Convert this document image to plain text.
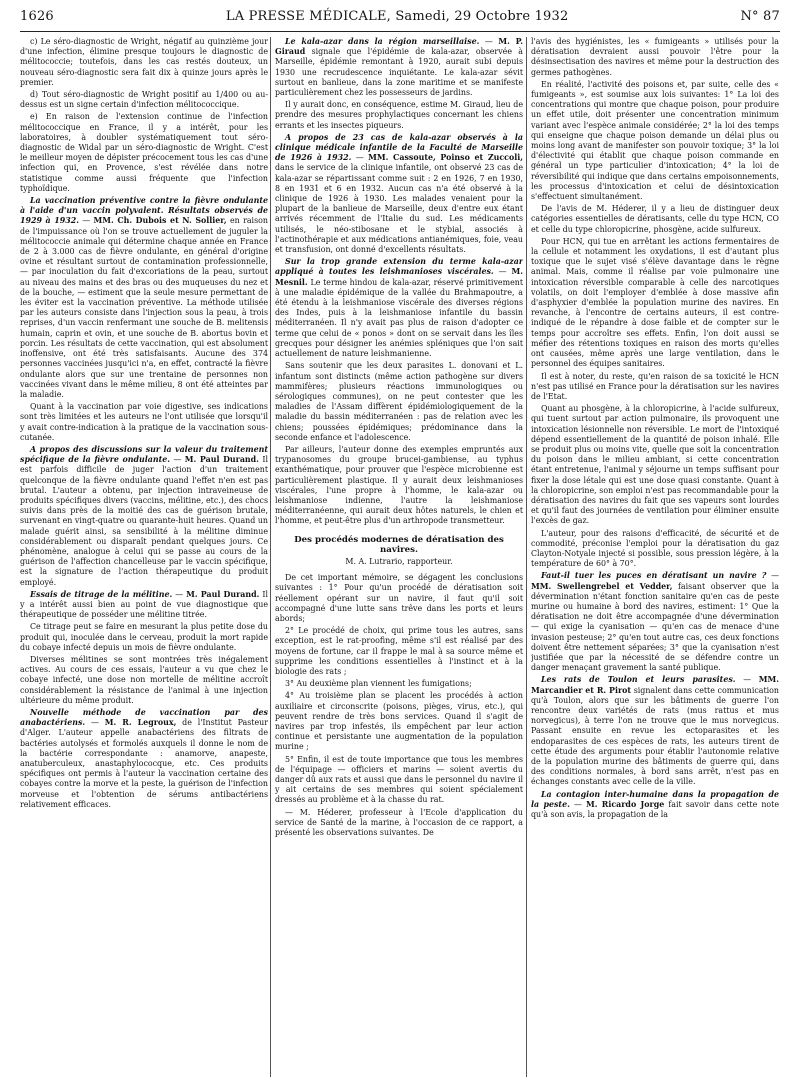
1626	LA PRESSE MÉDICALE, Samedi, 29 Octobre 1932	N° 87

c) Le séro-diagnostic de Wright, négatif au quinzième jour d'une infection, élimine presque toujours le diagnostic de mélitococcie; toutefois, dans les cas restés douteux, un nouveau séro-diagnostic sera fait dix à quinze jours après le premier.

d) Tout séro-diagnostic de Wright positif au 1/400 ou au-dessus est un signe certain d'infection mélitococcique.

e) En raison de l'extension continue de l'infection mélitococcique en France, il y a intérêt, pour les laboratoires, à doubler systématiquement tout séro-diagnostic de Widal par un séro-diagnostic de Wright. C'est le meilleur moyen de dépister précocement tous les cas d'une infection qui, en Provence, s'est révélée dans notre statistique comme aussi fréquente que l'infection typhoïdique.

La vaccination préventive contre la fièvre ondulante à l'aide d'un vaccin polyvalent. Résultats observés de 1929 à 1932. — MM. Ch. Dubois et N. Sollier, en raison de l'impuissance où l'on se trouve actuellement de juguler la mélitococcie animale qui détermine chaque année en France de 2 à 3.000 cas de fièvre ondulante, en général d'origine ovine et résultant surtout de contamination professionnelle, — par inoculation du fait d'excoriations de la peau, surtout au niveau des mains et des bras ou des muqueuses du nez et de la bouche, — estiment que la seule mesure permettant de les éviter est la vaccination préventive. La méthode utilisée par les auteurs consiste dans l'injection sous la peau, à trois reprises, d'un vaccin renfermant une souche de B. melitensis humain, caprin et ovin, et une souche de B. abortus bovin et porcin. Les résultats de cette vaccination, qui est absolument inoffensive, ont été très satisfaisants. Aucune des 374 personnes vaccinées jusqu'ici n'a, en effet, contracté la fièvre ondulante alors que sur une trentaine de personnes non vaccinées vivant dans le même milieu, 8 ont été atteintes par la maladie.

Quant à la vaccination par voie digestive, ses indications sont très limitées et les auteurs ne l'ont utilisée que lorsqu'il y avait contre-indication à la pratique de la vaccination sous-cutanée.

A propos des discussions sur la valeur du traitement spécifique de la fièvre ondulante. — M. Paul Durand. Il est parfois difficile de juger l'action d'un traitement quelconque de la fièvre ondulante quand l'effet n'en est pas brutal. L'auteur a obtenu, par injection intraveineuse de produits spécifiques divers (vaccins, mélitine, etc.), des chocs suivis dans près de la moitié des cas de guérison brutale, survenant en vingt-quatre ou quarante-huit heures. Quand un malade guérit ainsi, sa sensibilité à la mélitine diminue considérablement ou disparaît pendant quelques jours. Ce phénomène, analogue à celui qui se passe au cours de la guérison de l'affection chancelleuse par le vaccin spécifique, est la signature de l'action thérapeutique du produit employé.

Essais de titrage de la mélitine. — M. Paul Durand. Il y a intérêt aussi bien au point de vue diagnostique que thérapeutique de posséder une mélitine titrée.

Ce titrage peut se faire en mesurant la plus petite dose du produit qui, inoculée dans le cerveau, produit la mort rapide du cobaye infecté depuis un mois de fièvre ondulante.

Diverses mélitines se sont montrées très inégalement actives. Au cours de ces essais, l'auteur a vu que chez le cobaye infecté, une dose non mortelle de mélitine accroît considérablement la résistance de l'animal à une injection ultérieure du même produit.

Nouvelle méthode de vaccination par des anabactériens. — M. R. Legroux, de l'Institut Pasteur d'Alger. L'auteur appelle anabactériens des filtrats de bactéries autolysés et formolés auxquels il donne le nom de la bactérie correspondante : anamorve, anapeste, anatuberculeux, anastaphylococque, etc. Ces produits spécifiques ont permis à l'auteur la vaccination certaine des cobayes contre la morve et la peste, la guérison de l'infection morveuse et l'obtention de sérums antibactériens relativement efficaces.

Le kala-azar dans la région marseillaise. — M. P. Giraud signale que l'épidémie de kala-azar, observée à Marseille, épidémie remontant à 1920, aurait subi depuis 1930 une recrudescence inquiétante. Le kala-azar sévit surtout en banlieue, dans la zone maritime et se manifeste particulièrement chez les possesseurs de jardins.

Il y aurait donc, en conséquence, estime M. Giraud, lieu de prendre des mesures prophylactiques concernant les chiens errants et les insectes piqueurs.

A propos de 23 cas de kala-azar observés à la clinique médicale infantile de la Faculté de Marseille de 1926 à 1932. — MM. Cassoute, Poinso et Zuccoli, dans le service de la clinique infantile, ont observé 23 cas de kala-azar se répartissant comme suit : 2 en 1926, 7 en 1930, 8 en 1931 et 6 en 1932. Aucun cas n'a été observé à la clinique de 1926 à 1930. Les malades venaient pour la plupart de la banlieue de Marseille, deux d'entre eux étant arrivés récemment de l'Italie du sud. Les médicaments utilisés, le néo-stibosane et le stybial, associés à l'actinothérapie et aux médications antianémiques, foie, veau et transfusion, ont donné d'excellents résultats.

Sur la trop grande extension du terme kala-azar appliqué à toutes les leishmanioses viscérales. — M. Mesnil. Le terme hindou de kala-azar, réservé primitivement à une maladie épidémique de la vallée du Brahmapoutre, a été étendu à la leishmaniose viscérale des diverses régions des Indes, puis à la leishmaniose infantile du bassin méditerranéen. Il n'y avait pas plus de raison d'adopter ce terme que celui de « ponos » dont on se servait dans les îles grecques pour désigner les anémies spléniques que l'on sait actuellement de nature leishmanienne.

Sans soutenir que les deux parasites L. donovani et L. infantum sont distincts (même action pathogène sur divers mammifères; plusieurs réactions immunologiques ou sérologiques communes), on ne peut contester que les maladies de l'Assam diffèrent épidémiologiquement de la maladie du bassin méditerranéen : pas de relation avec les chiens; poussées épidémiques; prédominance dans la seconde enfance et l'adolescence.

Par ailleurs, l'auteur donne des exemples empruntés aux trypanosomes du groupe brucei-gambiense, au typhus exanthématique, pour prouver que l'espèce microbienne est particulièrement plastique. Il y aurait deux leishmanioses viscérales, l'une propre à l'homme, le kala-azar ou leishmaniose indienne, l'autre la leishmaniose méditerranéenne, qui aurait deux hôtes naturels, le chien et l'homme, et peut-être plus d'un arthropode transmetteur.

Des procédés modernes de dératisation des navires.

M. A. Lutrario, rapporteur.

De cet important mémoire, se dégagent les conclusions suivantes : 1° Pour qu'un procédé de dératisation soit réellement opérant sur un navire, il faut qu'il soit accompagné d'une lutte sans trêve dans les ports et leurs abords;

2° Le procédé de choix, qui prime tous les autres, sans exception, est le rat-proofing, même s'il est réalisé par des moyens de fortune, car il frappe le mal à sa source même et supprime les conditions essentielles à l'instinct et à la biologie des rats ;

3° Au deuxième plan viennent les fumigations;

4° Au troisième plan se placent les procédés à action auxiliaire et circonscrite (poisons, pièges, virus, etc.), qui peuvent rendre de très bons services. Quand il s'agit de navires par trop infestés, ils empêchent par leur action continue et persistante une augmentation de la population murine ;

5° Enfin, il est de toute importance que tous les membres de l'équipage — officiers et marins — soient avertis du danger dû aux rats et aussi que dans le personnel du navire il y ait certains de ses membres qui soient spécialement dressés au problème et à la chasse du rat.

— M. Héderer, professeur à l'Ecole d'application du service de Santé de la marine, à l'occasion de ce rapport, a présenté les observations suivantes. De

l'avis des hygiénistes, les « fumigeants » utilisés pour la dératisation devraient aussi pouvoir l'être pour la désinsectisation des navires et même pour la destruction des germes pathogènes.

En réalité, l'activité des poisons et, par suite, celle des « fumigeants », est soumise aux lois suivantes: 1° La loi des concentrations qui montre que chaque poison, pour produire un effet utile, doit présenter une concentration minimum variant avec l'espèce animale considérée; 2° la loi des temps qui enseigne que chaque poison demande un délai plus ou moins long avant de manifester son pouvoir toxique; 3° la loi d'électivité qui établit que chaque poison commande en général un type particulier d'intoxication; 4° la loi de réversibilité qui indique que dans certains empoisonnements, les processus d'intoxication et celui de désintoxication s'effectuent simultanément.

De l'avis de M. Héderer, il y a lieu de distinguer deux catégories essentielles de dératisants, celle du type HCN, CO et celle du type chloropicrine, phosgène, acide sulfureux.

Pour HCN, qui tue en arrêtant les actions fermentaires de la cellule et notamment les oxydations, il est d'autant plus toxique que le sujet visé s'élève davantage dans le règne animal. Mais, comme il réalise par voie pulmonaire une intoxication réversible comparable à celle des narcotiques volatils, on doit l'employer d'emblée à dose massive afin d'asphyxier d'emblée la population murine des navires. En revanche, à l'encontre de certains auteurs, il est contre-indiqué de le répandre à dose faible et de compter sur le temps pour accroître ses effets. Enfin, l'on doit aussi se méfier des rétentions toxiques en raison des morts qu'elles ont causées, même après une large ventilation, dans le personnel des équipes sanitaires.

Il est à noter, du reste, qu'en raison de sa toxicité le HCN n'est pas utilisé en France pour la dératisation sur les navires de l'Etat.

Quant au phosgène, à la chloropicrine, à l'acide sulfureux, qui tuent surtout par action pulmonaire, ils provoquent une intoxication lésionnelle non réversible. Le mort de l'intoxiqué dépend essentiellement de la quantité de poison inhalé. Elle se produit plus ou moins vite, quelle que soit la concentration du poison dans le milieu ambiant, si cette concentration étant entretenue, l'animal y séjourne un temps suffisant pour fixer la dose létale qui est une dose quasi constante. Quant à la chloropicrine, son emploi n'est pas recommandable pour la dératisation des navires du fait que ses vapeurs sont lourdes et qu'il faut des journées de ventilation pour éliminer ensuite l'excès de gaz.

L'auteur, pour des raisons d'efficacité, de sécurité et de commodité, préconise l'emploi pour la dératisation du gaz Clayton-Notyale injecté si possible, sous pression légère, à la température de 60° à 70°.

Faut-il tuer les puces en dératisant un navire ? — MM. Swellengrebel et Vedder, faisant observer que la dévermination n'étant fonction sanitaire qu'en cas de peste murine ou humaine à bord des navires, estiment: 1° Que la dératisation ne doit être accompagnée d'une dévermination — qui exige la cyanisation — qu'en cas de menace d'une invasion pesteuse; 2° qu'en tout autre cas, ces deux fonctions doivent être nettement séparées; 3° que la cyanisation n'est justifiée que par la nécessité de se défendre contre un danger menaçant gravement la santé publique.

Les rats de Toulon et leurs parasites. — MM. Marcandier et R. Pirot signalent dans cette communication qu'à Toulon, alors que sur les bâtiments de guerre l'on rencontre deux variétés de rats (mus rattus et mus norvegicus), à terre l'on ne trouve que le mus norvegicus. Passant ensuite en revue les ectoparasites et les endoparasites de ces espèces de rats, les auteurs tirent de cette étude des arguments pour établir l'autonomie relative de la population murine des bâtiments de guerre qui, dans des conditions normales, à bord sans arrêt, n'est pas en échanges constants avec celle de la ville.

La contagion inter-humaine dans la propagation de la peste. — M. Ricardo Jorge fait savoir dans cette note qu'à son avis, la propagation de la
